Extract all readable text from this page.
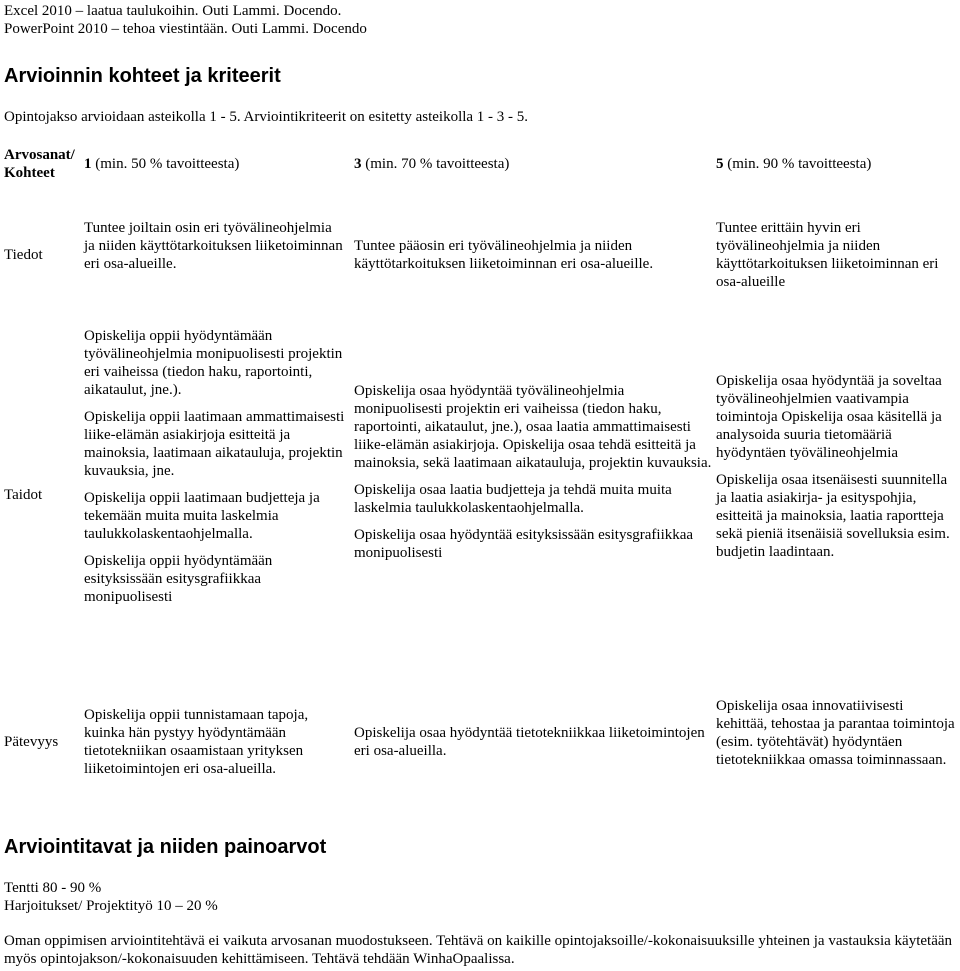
Excel 2010 – laatua taulukoihin. Outi Lammi. Docendo.
PowerPoint 2010 – tehoa viestintään. Outi Lammi. Docendo
Arvioinnin kohteet ja kriteerit
Opintojakso arvioidaan asteikolla 1 - 5. Arviointikriteerit on esitetty asteikolla 1 - 3 - 5.
Arvosanat/
Kohteet
1 (min. 50 % tavoitteesta)	3 (min. 70 % tavoitteesta)	5 (min. 90 % tavoitteesta)
Tiedot
Tuntee joiltain osin eri työvälineohjelmia ja niiden käyttötarkoituksen liiketoiminnan eri osa-alueille.
Tuntee pääosin eri työvälineohjelmia ja niiden käyttötarkoituksen liiketoiminnan eri osa-alueille.
Tuntee erittäin hyvin eri työvälineohjelmia ja niiden käyttötarkoituksen liiketoiminnan eri osa-alueille
Taidot

Opiskelija oppii hyödyntämään työvälineohjelmia monipuolisesti projektin eri vaiheissa (tiedon haku, raportointi, aikataulut, jne.).

Opiskelija oppii laatimaan ammattimaisesti liike-elämän asiakirjoja esitteitä ja mainoksia, laatimaan aikatauluja, projektin kuvauksia, jne.

Opiskelija oppii laatimaan budjetteja ja tekemään muita muita laskelmia taulukkolaskentaohjelmalla.

Opiskelija oppii hyödyntämään esityksissään esitysgrafiikkaa monipuolisesti

Opiskelija osaa hyödyntää työvälineohjelmia monipuolisesti projektin eri vaiheissa (tiedon haku, raportointi, aikataulut, jne.), osaa laatia ammattimaisesti liike-elämän asiakirjoja. Opiskelija osaa tehdä esitteitä ja mainoksia, sekä laatimaan aikatauluja, projektin kuvauksia.

Opiskelija osaa laatia budjetteja ja tehdä muita muita laskelmia taulukkolaskentaohjelmalla.

Opiskelija osaa hyödyntää esityksissään esitysgrafiikkaa monipuolisesti

Opiskelija osaa hyödyntää ja soveltaa työvälineohjelmien vaativampia toimintoja Opiskelija osaa käsitellä ja analysoida suuria tietomääriä hyödyntäen työvälineohjelmia

Opiskelija osaa itsenäisesti suunnitella ja laatia asiakirja- ja esityspohjia, esitteitä ja mainoksia, laatia raportteja sekä pieniä itsenäisiä sovelluksia esim. budjetin laadintaan.

Pätevyys
Opiskelija oppii tunnistamaan tapoja, kuinka hän pystyy hyödyntämään tietotekniikan osaamistaan yrityksen liiketoimintojen eri osa-alueilla.
Opiskelija osaa hyödyntää tietotekniikkaa liiketoimintojen eri osa-alueilla.
Opiskelija osaa innovatiivisesti kehittää, tehostaa ja parantaa toimintoja (esim. työtehtävät) hyödyntäen tietotekniikkaa omassa toiminnassaan.
Arviointitavat ja niiden painoarvot
Tentti 80 - 90 %
Harjoitukset/ Projektityö 10 – 20 %
Oman oppimisen arviointitehtävä ei vaikuta arvosanan muodostukseen. Tehtävä on kaikille opintojaksoille/-kokonaisuuksille yhteinen ja vastauksia käytetään myös opintojakson/-kokonaisuuden kehittämiseen. Tehtävä tehdään WinhaOpaalissa.
